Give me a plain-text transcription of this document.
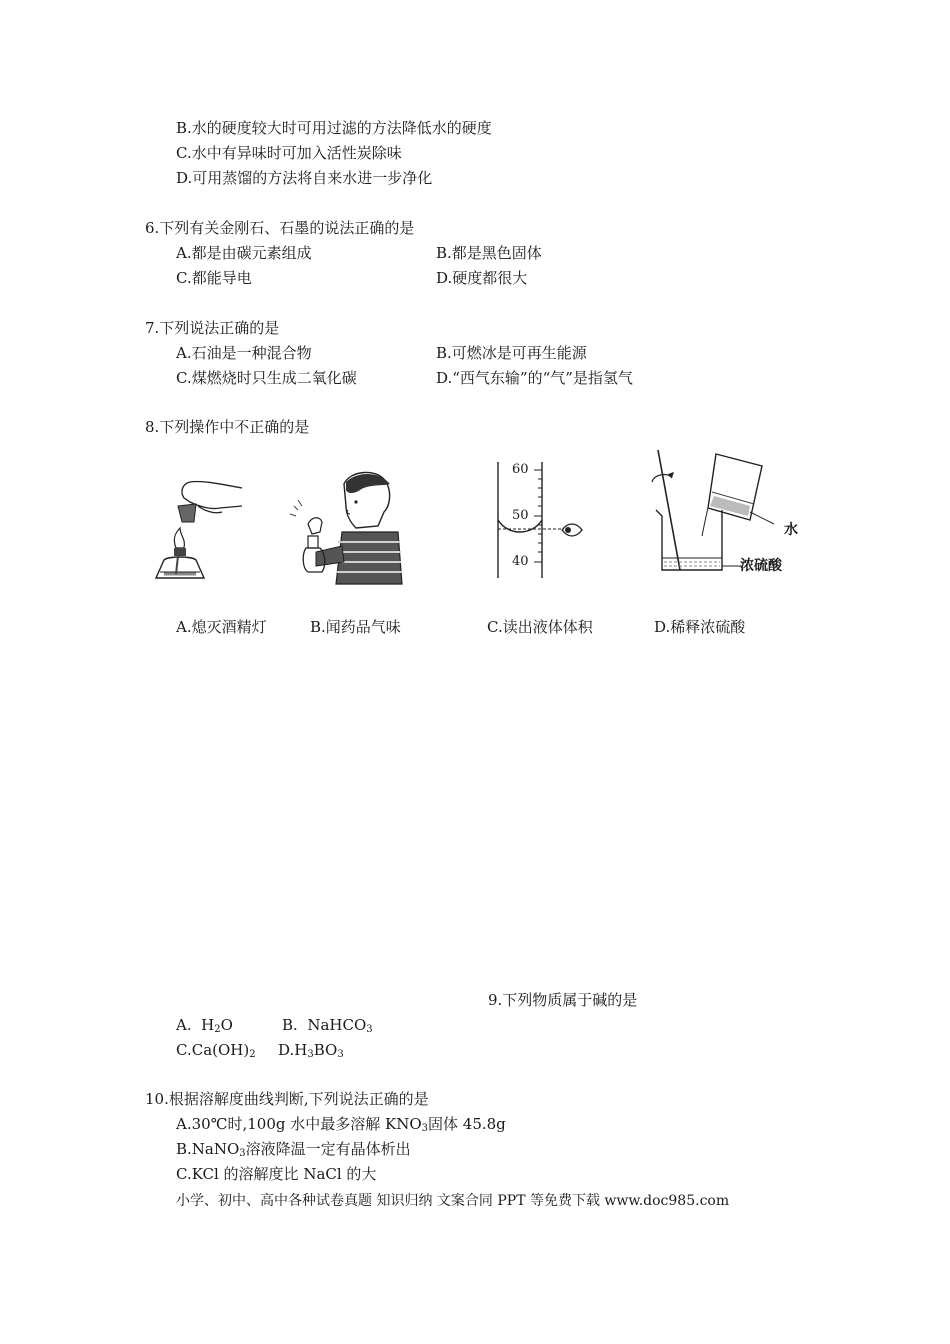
B.水的硬度较大时可用过滤的方法降低水的硬度
C.水中有异味时可加入活性炭除味
D.可用蒸馏的方法将自来水进一步净化
6.下列有关金刚石、石墨的说法正确的是
A.都是由碳元素组成	B.都是黑色固体
C.都能导电	D.硬度都很大
7.下列说法正确的是
A.石油是一种混合物	B.可燃冰是可再生能源
C.煤燃烧时只生成二氧化碳	D.“西气东输”的“气”是指氢气
8.下列操作中不正确的是
60
50
40
水
浓硫酸
A.熄灭酒精灯	B.闻药品气味	C.读出液体体积	D.稀释浓硫酸
9.下列物质属于碱的是
A. $H_2O$	B. NaHCO$_3$
$C.Ca(OH)_2$ $D.H_3BO_3$
10.根据溶解度曲线判断,下列说法正确的是
A.30℃时,100g 水中最多溶解 $KNO_3$固体 45.8g
B.NaNO$_3$溶液降温一定有晶体析出
C.KCl 的溶解度比 NaCl 的大
小学、初中、高中各种试卷真题 知识归纳 文案合同 PPT 等免费下载 www.doc985.com
